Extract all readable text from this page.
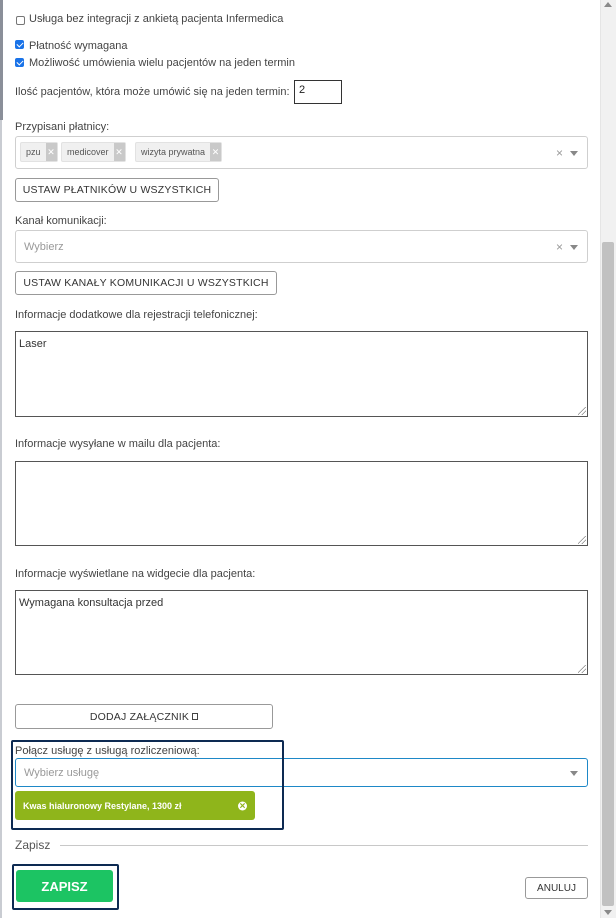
Usługa bez integracji z ankietą pacjenta Infermedica
Płatność wymagana
Możliwość umówienia wielu pacjentów na jeden termin
Ilość pacjentów, która może umówić się na jeden termin: 2
Przypisani płatnicy:
pzu ✕	medicover ✕	wizyta prywatna ✕	×
USTAW PŁATNIKÓW U WSZYSTKICH
Kanał komunikacji:
Wybierz	×
USTAW KANAŁY KOMUNIKACJI U WSZYSTKICH
Informacje dodatkowe dla rejestracji telefonicznej:
Laser
Informacje wysyłane w mailu dla pacjenta:
Informacje wyświetlane na widgecie dla pacjenta:
Wymagana konsultacja przed
DODAJ ZAŁĄCZNIK
Połącz usługę z usługą rozliczeniową:
Wybierz usługę
Kwas hialuronowy Restylane, 1300 zł	✕
Zapisz
ZAPISZ	ANULUJ
